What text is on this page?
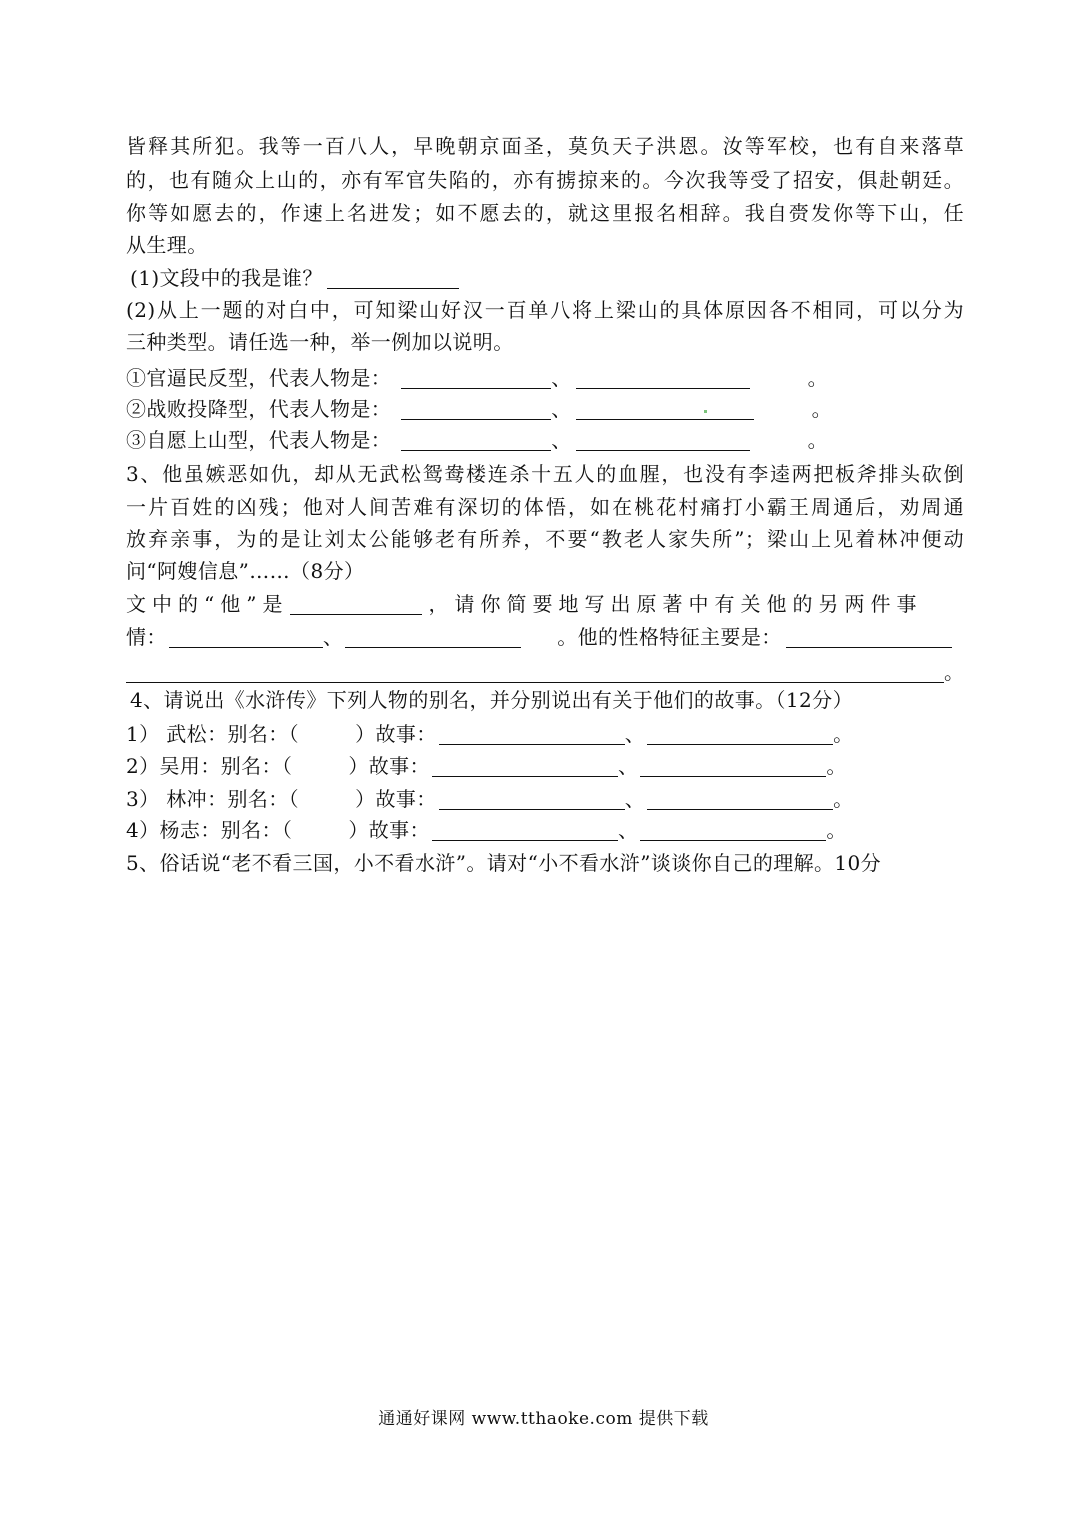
皆释其所犯。我等一百八人，早晚朝京面圣，莫负天子洪恩。汝等军校，也有自来落草
的，也有随众上山的，亦有军官失陷的，亦有掳掠来的。今次我等受了招安，俱赴朝廷。
你等如愿去的，作速上名进发；如不愿去的，就这里报名相辞。我自赍发你等下山，任
从生理。
(1)文段中的我是谁？
(2)从上一题的对白中，可知梁山好汉一百单八将上梁山的具体原因各不相同，可以分为
三种类型。请任选一种，举一例加以说明。
①官逼民反型，代表人物是：	、	。
②战败投降型，代表人物是：	、	。
③自愿上山型，代表人物是：	、	。
3、他虽嫉恶如仇，却从无武松鸳鸯楼连杀十五人的血腥，也没有李逵两把板斧排头砍倒
一片百姓的凶残；他对人间苦难有深切的体悟，如在桃花村痛打小霸王周通后，劝周通
放弃亲事，为的是让刘太公能够老有所养，不要“教老人家失所”；梁山上见着林冲便动
问“阿嫂信息”……（8分）
文中的“他”是	，请你简要地写出原著中有关他的另两件事
情：	、	。他的性格特征主要是：
。
4、请说出《水浒传》下列人物的别名，并分别说出有关于他们的故事。（12分）
1） 武松：别名：（	）故事：	、	。
2）吴用：别名：（	）故事：	、	。
3） 林冲：别名：（	）故事：	、	。
4）杨志：别名：（	）故事：	、	。
5、俗话说“老不看三国，小不看水浒”。请对“小不看水浒”谈谈你自己的理解。10分
通通好课网 www.tthaoke.com 提供下载
